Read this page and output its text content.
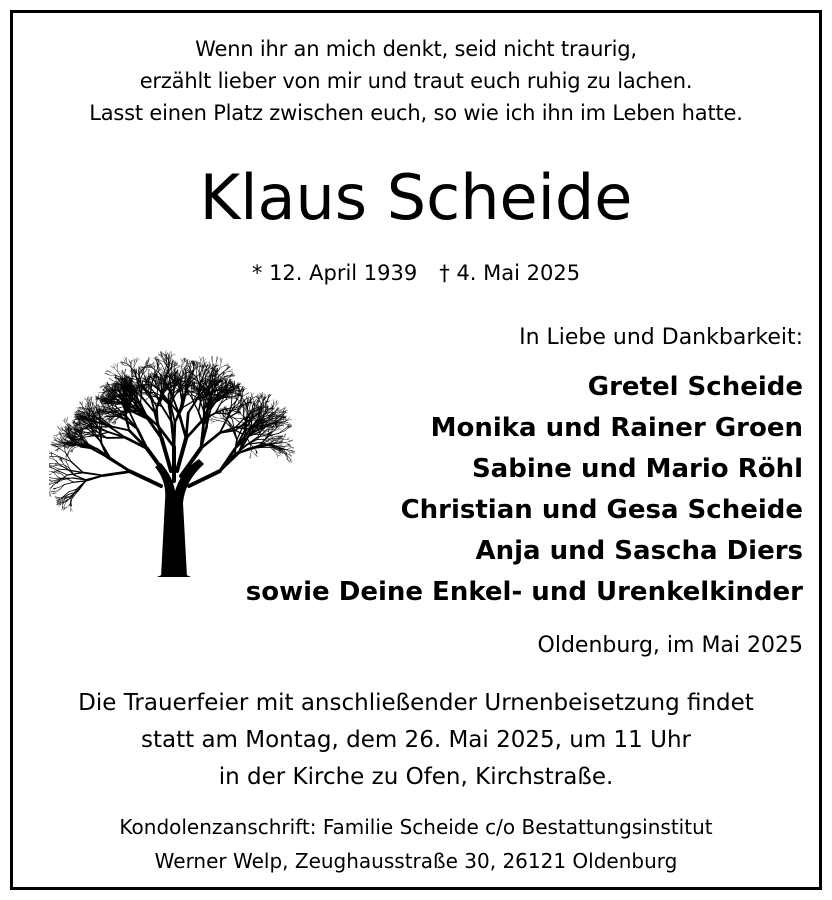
Wenn ihr an mich denkt, seid nicht traurig,
erzählt lieber von mir und traut euch ruhig zu lachen.
Lasst einen Platz zwischen euch, so wie ich ihn im Leben hatte.
Klaus Scheide
* 12. April 1939 † 4. Mai 2025
In Liebe und Dankbarkeit:
Gretel Scheide
Monika und Rainer Groen
Sabine und Mario Röhl
Christian und Gesa Scheide
Anja und Sascha Diers
sowie Deine Enkel- und Urenkelkinder
Oldenburg, im Mai 2025
Die Trauerfeier mit anschließender Urnenbeisetzung findet
statt am Montag, dem 26. Mai 2025, um 11 Uhr
in der Kirche zu Ofen, Kirchstraße.
Kondolenzanschrift: Familie Scheide c/o Bestattungsinstitut
Werner Welp, Zeughausstraße 30, 26121 Oldenburg
